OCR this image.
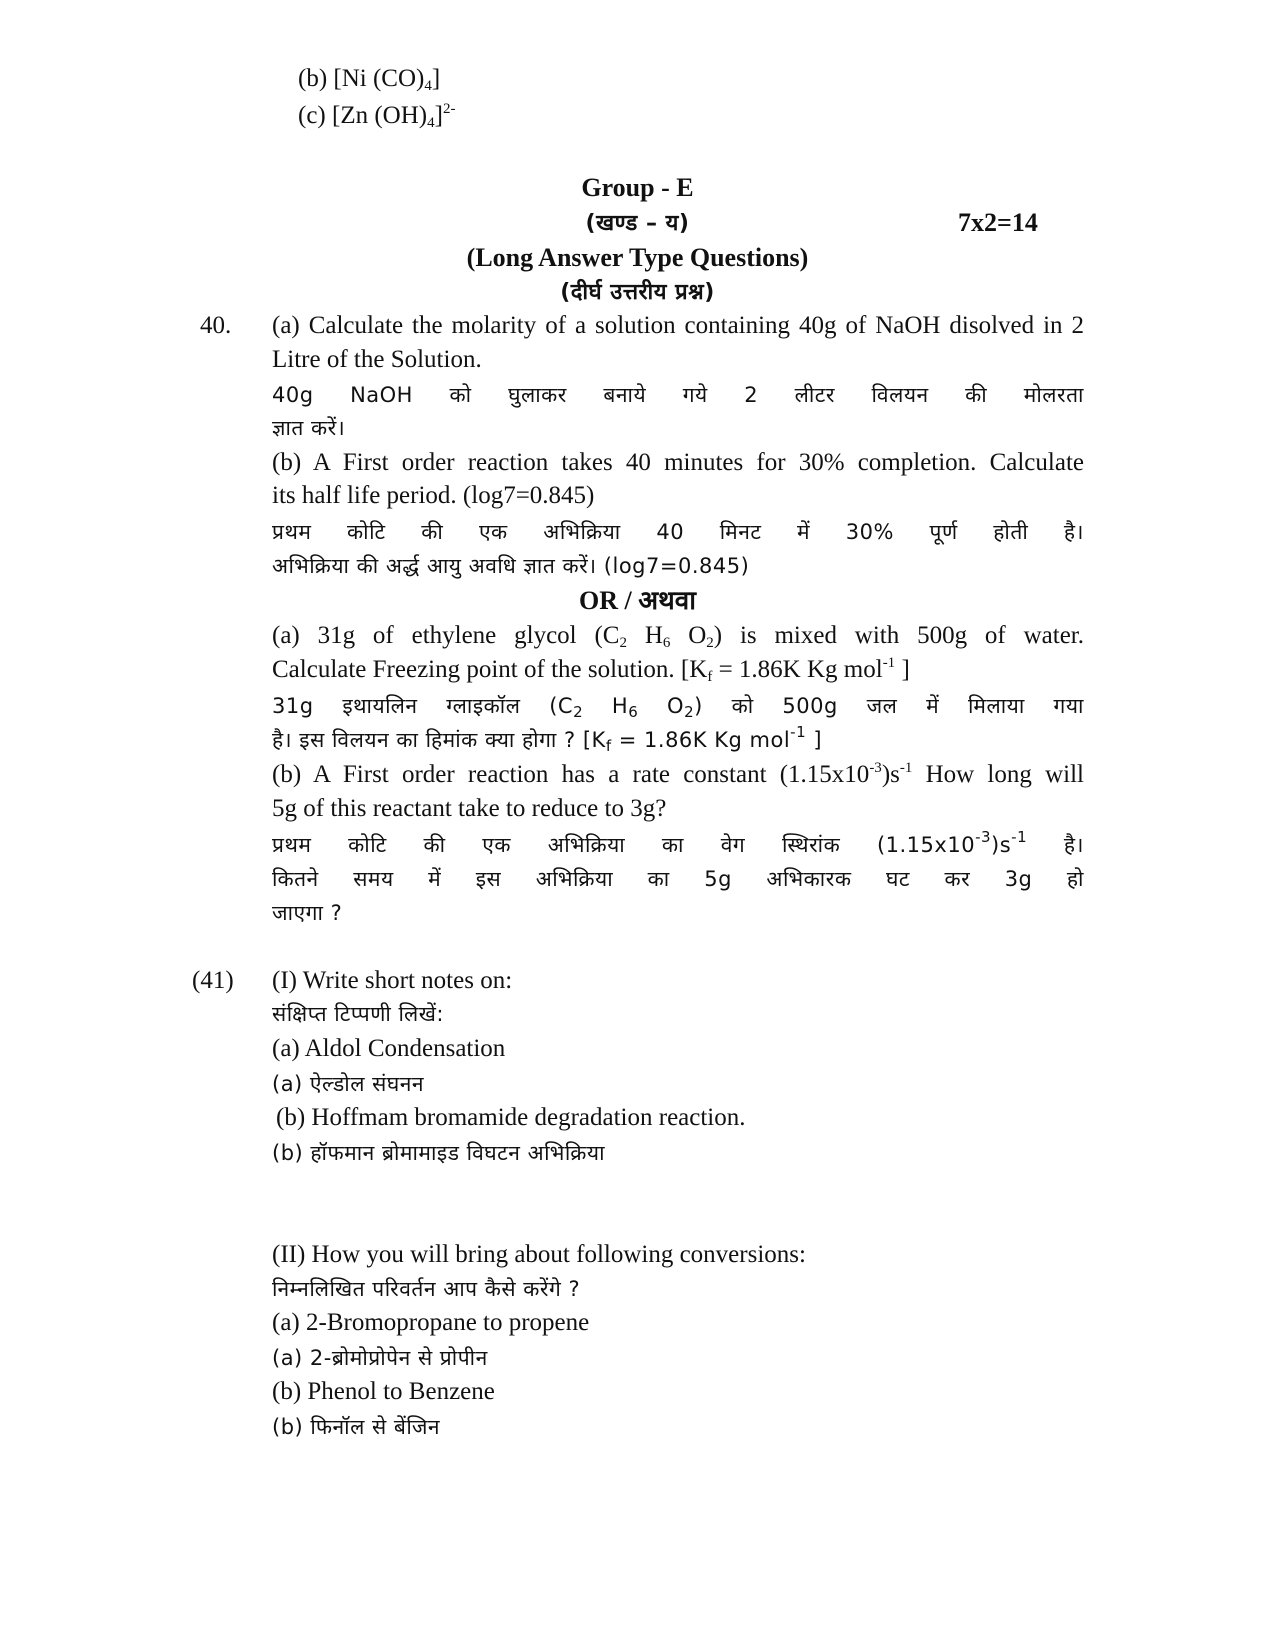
(b) [Ni $(CO)_4$]
(c) [Zn $(OH)_4]^{2-}$
Group - E
(खण्ड – य)	7x2=14
(Long Answer Type Questions)
(दीर्घ उत्तरीय प्रश्न)
40. (a) Calculate the molarity of a solution containing 40g of NaOH disolved in 2 Litre of the Solution.
40g NaOH को घुलाकर बनाये गये 2 लीटर विलयन की मोलरता
ज्ञात करें।
(b) A First order reaction takes 40 minutes for 30% completion. Calculate
its half life period. (log7=0.845)
प्रथम कोटि की एक अभिक्रिया 40 मिनट में 30% पूर्ण होती है।
अभिक्रिया की अर्द्ध आयु अवधि ज्ञात करें। (log7=0.845)
OR / अथवा
(a) 31g of ethylene glycol ($C_2$ $H_6$ $O_2$) is mixed with 500g of water.
Calculate Freezing point of the solution. [$K_f = 1.86K$ Kg mol$^{-1}$ ]
31g इथायलिन ग्लाइकॉल ($C_2$ $H_6$ $O_2$) को 500g जल में मिलाया गया
है। इस विलयन का हिमांक क्या होगा ? [$K_f = 1.86K$ Kg mol$^{-1}$ ]
(b) A First order reaction has a rate constant $(1.15x10^{-3})s^{-1}$ How long will
5g of this reactant take to reduce to 3g?
प्रथम कोटि की एक अभिक्रिया का वेग स्थिरांक $(1.15x10^{-3})s^{-1}$ है।
कितने समय में इस अभिक्रिया का 5g अभिकारक घट कर 3g हो
जाएगा ?
(41) (I) Write short notes on:
संक्षिप्त टिप्पणी लिखें:
(a) Aldol Condensation
(a) ऐल्डोल संघनन
(b) Hoffmam bromamide degradation reaction.
(b) हॉफमान ब्रोमामाइड विघटन अभिक्रिया
(II) How you will bring about following conversions:
निम्नलिखित परिवर्तन आप कैसे करेंगे ?
(a) 2-Bromopropane to propene
(a) 2-ब्रोमोप्रोपेन से प्रोपीन
(b) Phenol to Benzene
(b) फिनॉल से बेंजिन
